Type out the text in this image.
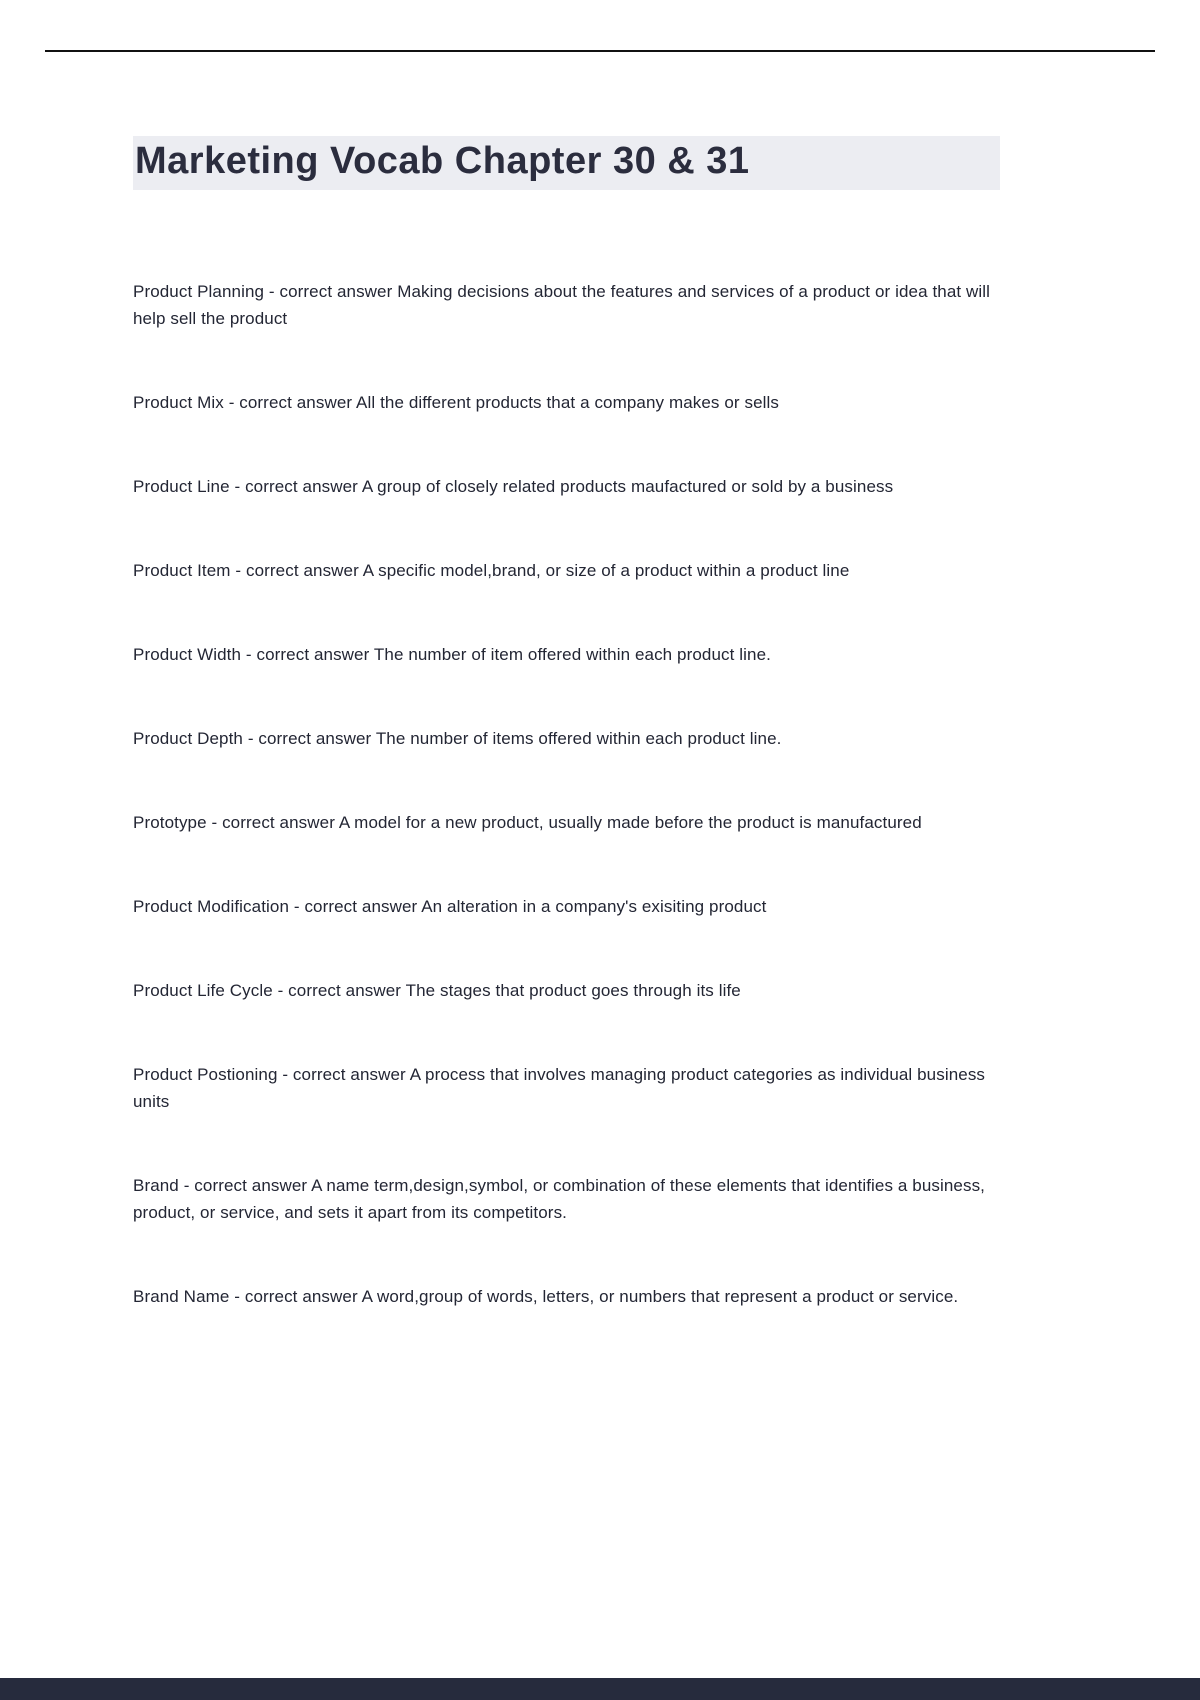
Marketing Vocab Chapter 30 & 31

Product Planning - correct answer Making decisions about the features and services of a product or idea that will help sell the product

Product Mix - correct answer All the different products that a company makes or sells

Product Line - correct answer A group of closely related products maufactured or sold by a business

Product Item - correct answer A specific model,brand, or size of a product within a product line

Product Width - correct answer The number of item offered within each product line.

Product Depth - correct answer The number of items offered within each product line.

Prototype - correct answer A model for a new product, usually made before the product is manufactured

Product Modification - correct answer An alteration in a company's exisiting product

Product Life Cycle - correct answer The stages that product goes through its life

Product Postioning - correct answer A process that involves managing product categories as individual business units

Brand - correct answer A name term,design,symbol, or combination of these elements that identifies a business, product, or service, and sets it apart from its competitors.

Brand Name - correct answer A word,group of words, letters, or numbers that represent a product or service.
